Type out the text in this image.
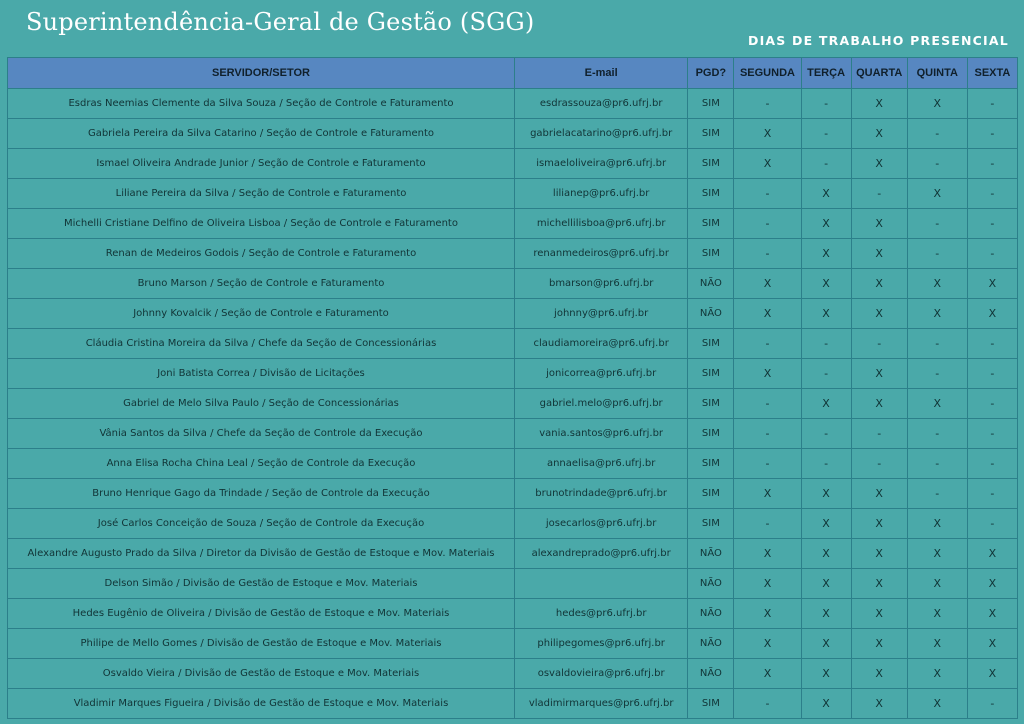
Superintendência-Geral de Gestão (SGG)
DIAS DE TRABALHO PRESENCIAL
SERVIDOR/SETOR	E-mail	PGD?	SEGUNDA	TERÇA	QUARTA	QUINTA	SEXTA
Esdras Neemias Clemente da Silva Souza / Seção de Controle e Faturamento	esdrassouza@pr6.ufrj.br	SIM	-	-	X	X	-
Gabriela Pereira da Silva Catarino / Seção de Controle e Faturamento	gabrielacatarino@pr6.ufrj.br	SIM	X	-	X	-	-
Ismael Oliveira Andrade Junior / Seção de Controle e Faturamento	ismaeloliveira@pr6.ufrj.br	SIM	X	-	X	-	-
Liliane Pereira da Silva / Seção de Controle e Faturamento	lilianep@pr6.ufrj.br	SIM	-	X	-	X	-
Michelli Cristiane Delfino de Oliveira Lisboa / Seção de Controle e Faturamento	michellilisboa@pr6.ufrj.br	SIM	-	X	X	-	-
Renan de Medeiros Godois / Seção de Controle e Faturamento	renanmedeiros@pr6.ufrj.br	SIM	-	X	X	-	-
Bruno Marson / Seção de Controle e Faturamento	bmarson@pr6.ufrj.br	NÃO	X	X	X	X	X
Johnny Kovalcik / Seção de Controle e Faturamento	johnny@pr6.ufrj.br	NÃO	X	X	X	X	X
Cláudia Cristina Moreira da Silva / Chefe da Seção de Concessionárias	claudiamoreira@pr6.ufrj.br	SIM	-	-	-	-	-
Joni Batista Correa / Divisão de Licitações	jonicorrea@pr6.ufrj.br	SIM	X	-	X	-	-
Gabriel de Melo Silva Paulo / Seção de Concessionárias	gabriel.melo@pr6.ufrj.br	SIM	-	X	X	X	-
Vânia Santos da Silva / Chefe da Seção de Controle da Execução	vania.santos@pr6.ufrj.br	SIM	-	-	-	-	-
Anna Elisa Rocha China Leal / Seção de Controle da Execução	annaelisa@pr6.ufrj.br	SIM	-	-	-	-	-
Bruno Henrique Gago da Trindade / Seção de Controle da Execução	brunotrindade@pr6.ufrj.br	SIM	X	X	X	-	-
José Carlos Conceição de Souza / Seção de Controle da Execução	josecarlos@pr6.ufrj.br	SIM	-	X	X	X	-
Alexandre Augusto Prado da Silva / Diretor da Divisão de Gestão de Estoque e Mov. Materiais	alexandreprado@pr6.ufrj.br	NÃO	X	X	X	X	X
Delson Simão / Divisão de Gestão de Estoque e Mov. Materiais		NÃO	X	X	X	X	X
Hedes Eugênio de Oliveira / Divisão de Gestão de Estoque e Mov. Materiais	hedes@pr6.ufrj.br	NÃO	X	X	X	X	X
Philipe de Mello Gomes / Divisão de Gestão de Estoque e Mov. Materiais	philipegomes@pr6.ufrj.br	NÃO	X	X	X	X	X
Osvaldo Vieira / Divisão de Gestão de Estoque e Mov. Materiais	osvaldovieira@pr6.ufrj.br	NÃO	X	X	X	X	X
Vladimir Marques Figueira / Divisão de Gestão de Estoque e Mov. Materiais	vladimirmarques@pr6.ufrj.br	SIM	-	X	X	X	-
